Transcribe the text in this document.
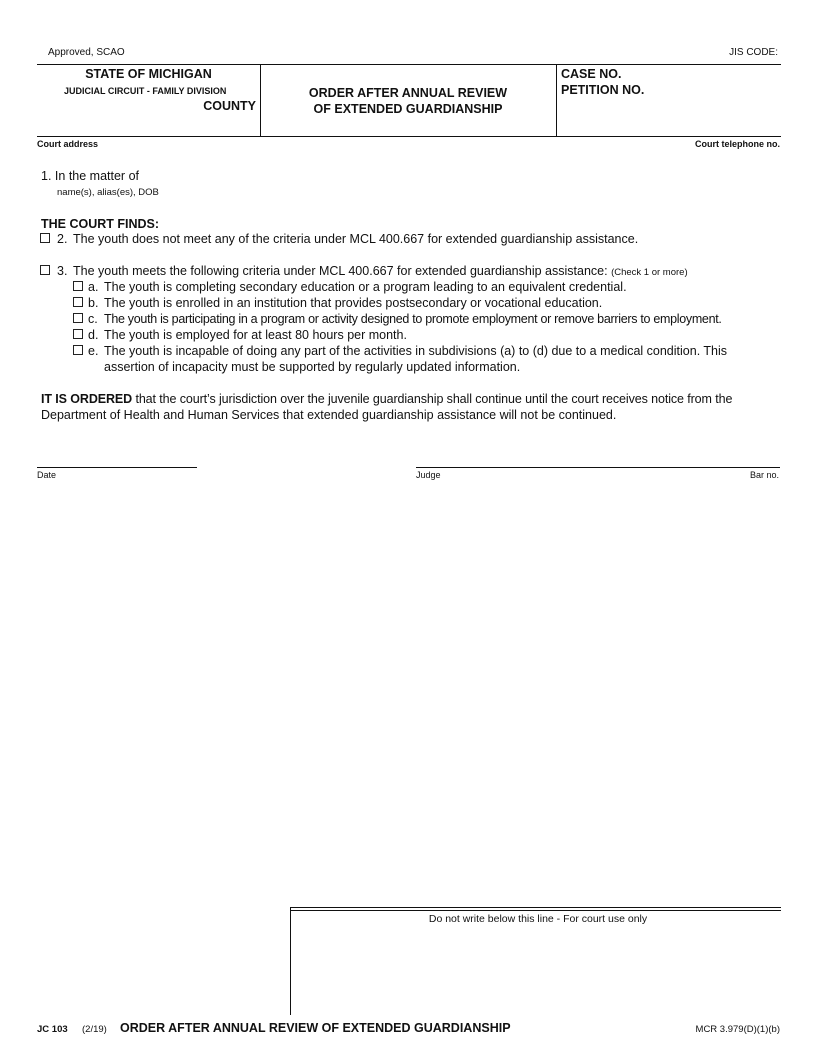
Approved, SCAO	JIS CODE:
STATE OF MICHIGAN
JUDICIAL CIRCUIT - FAMILY DIVISION
COUNTY
ORDER AFTER ANNUAL REVIEW
OF EXTENDED GUARDIANSHIP
CASE NO.
PETITION NO.
Court address	Court telephone no.
1. In the matter of
name(s), alias(es), DOB
THE COURT FINDS:
2. The youth does not meet any of the criteria under MCL 400.667 for extended guardianship assistance.
3. The youth meets the following criteria under MCL 400.667 for extended guardianship assistance: (Check 1 or more)
a. The youth is completing secondary education or a program leading to an equivalent credential.
b. The youth is enrolled in an institution that provides postsecondary or vocational education.
c. The youth is participating in a program or activity designed to promote employment or remove barriers to employment.
d. The youth is employed for at least 80 hours per month.
e. The youth is incapable of doing any part of the activities in subdivisions (a) to (d) due to a medical condition. This
assertion of incapacity must be supported by regularly updated information.
IT IS ORDERED that the court’s jurisdiction over the juvenile guardianship shall continue until the court receives notice from the
Department of Health and Human Services that extended guardianship assistance will not be continued.
Date	Judge	Bar no.
Do not write below this line - For court use only
JC 103 (2/19) ORDER AFTER ANNUAL REVIEW OF EXTENDED GUARDIANSHIP	MCR 3.979(D)(1)(b)
